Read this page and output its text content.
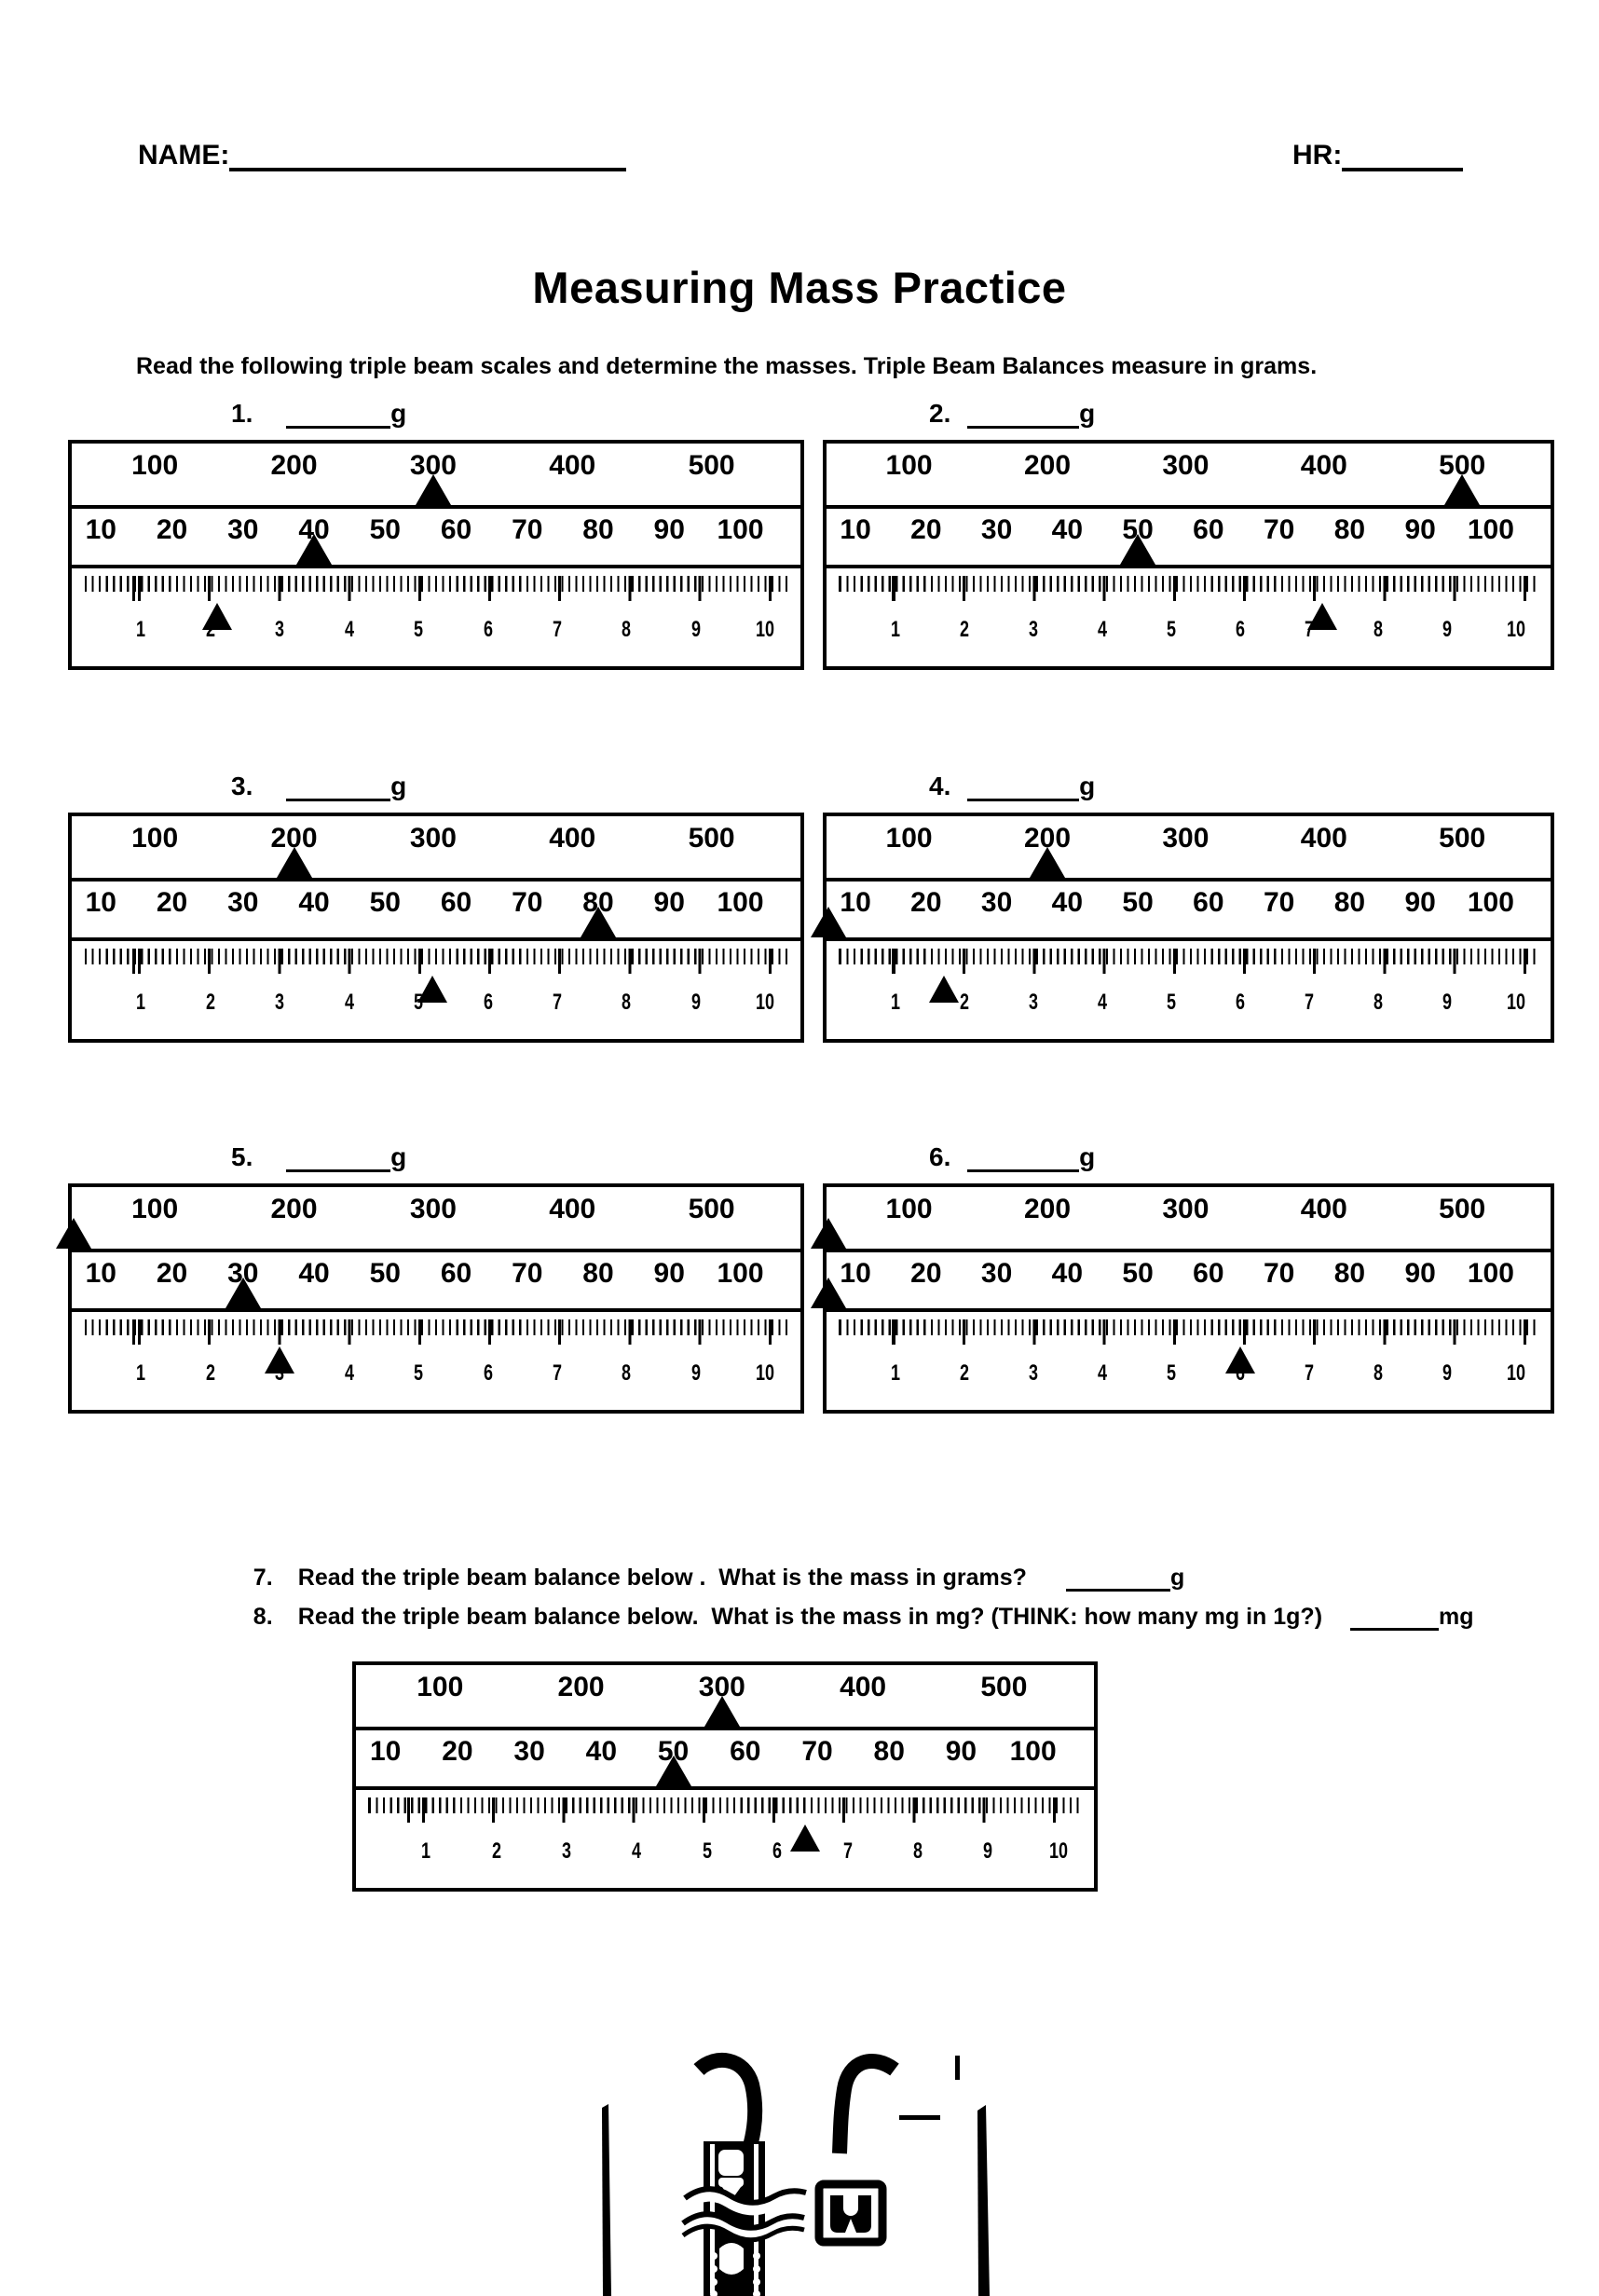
NAME:	HR:
Measuring Mass Practice

Read the following triple beam scales and determine the masses. Triple Beam Balances measure in grams.

1.	g
100	200	300	400	500
10 20 30 40 50 60 70 80 90 100
1	2	3	4	5	6	7	8	9 10
2.	g
100	200	300	400	500
10 20 30 40 50 60 70 80 90 100
1	2	3	4	5	6	7	8	9 10
3.	g
100	200	300	400	500
10 20 30 40 50 60 70 80 90 100
1	2	3	4	5	6	7	8	9 10
4.	g
100	200	300	400	500
10 20 30 40 50 60 70 80 90 100
1	2	3	4	5	6	7	8	9 10
5.	g
100	200	300	400	500
10 20 30 40 50 60 70 80 90 100
1	2	3	4	5	6	7	8	9 10
6.	g
100	200	300	400	500
10 20 30 40 50 60 70 80 90 100
1	2	3	4	5	6	7	8	9 10

7. Read the triple beam balance below .  What is the mass in grams?	g

8. Read the triple beam balance below.  What is the mass in mg? (THINK: how many mg in 1g?)	mg

100	200	300	400	500
10 20 30 40 50 60 70 80 90 100
1	2	3	4	5	6	7	8	9	10
